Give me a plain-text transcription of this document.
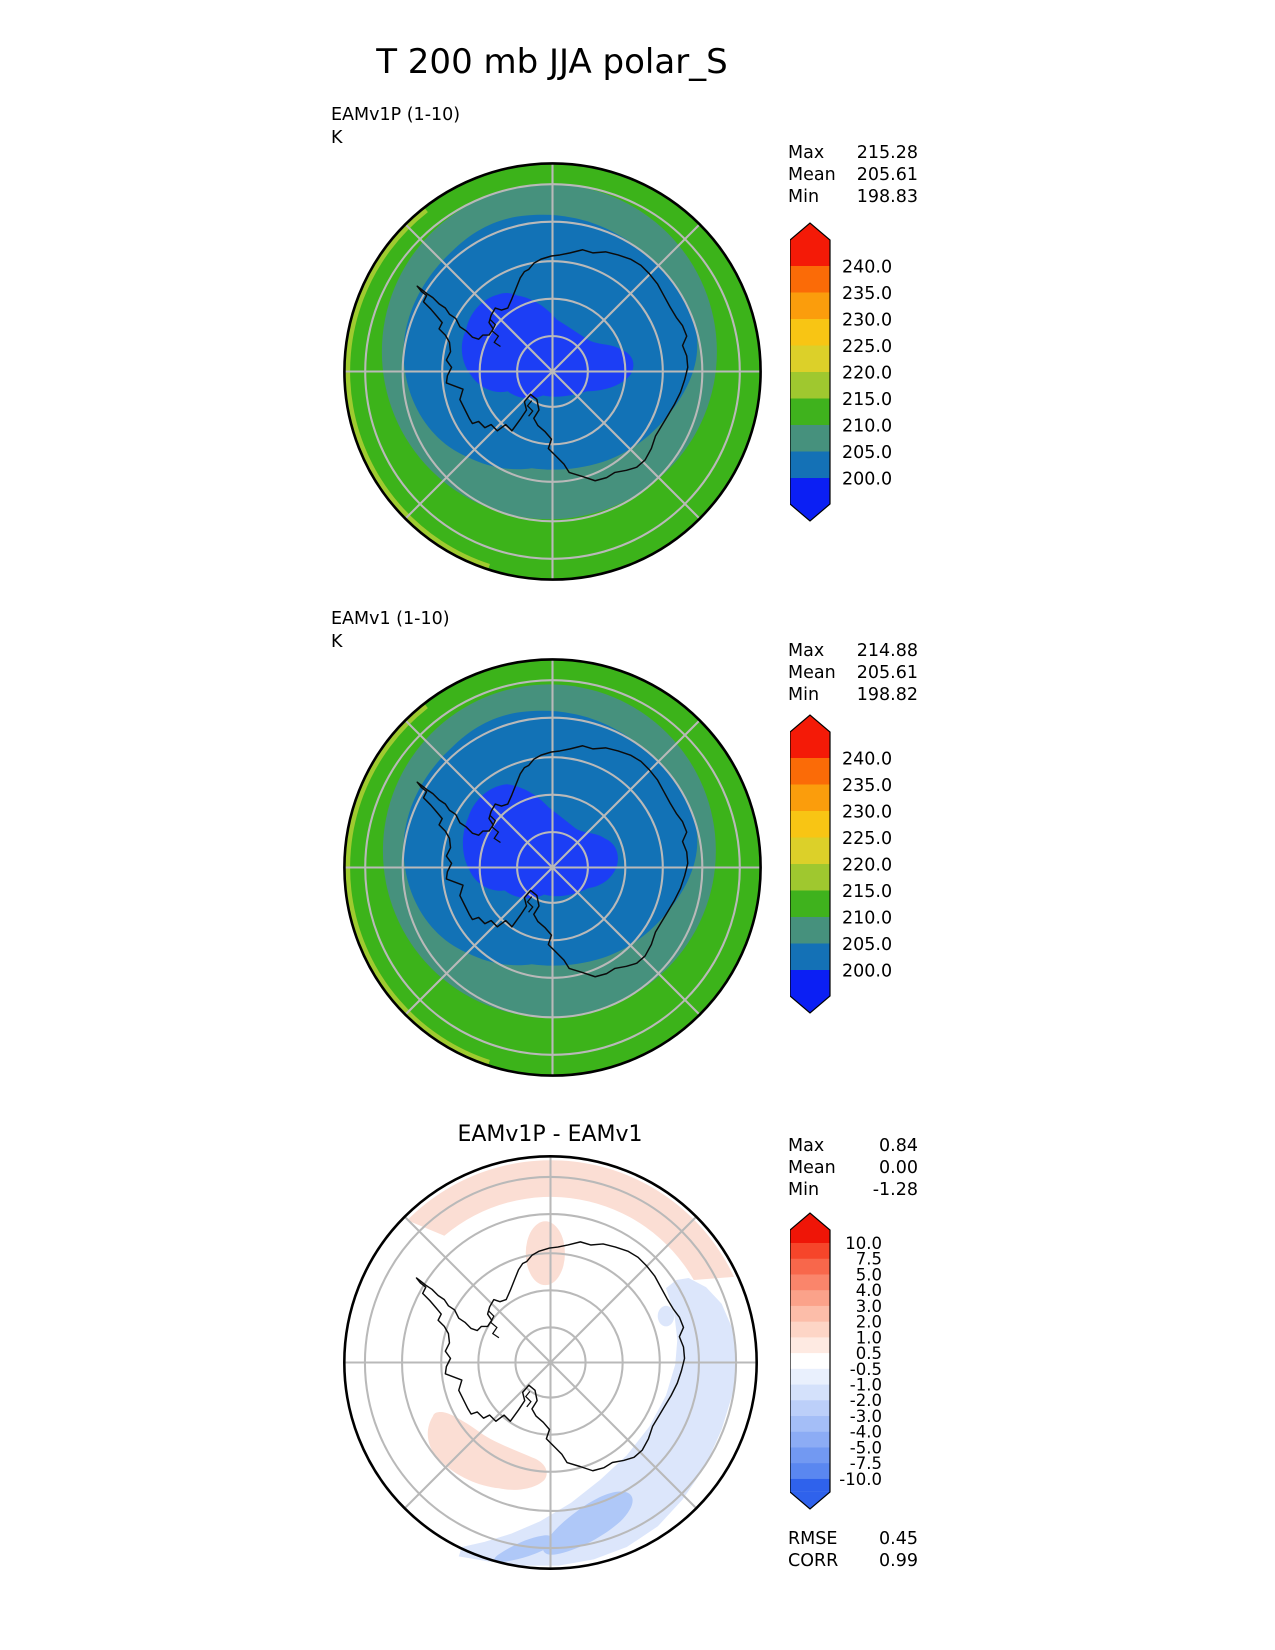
T 200 mb JJA polar_S
EAMv1P (1-10)
K
Max 215.28
Mean 205.61
Min 198.83
240.0
235.0
230.0
225.0
220.0
215.0
210.0
205.0
200.0
EAMv1 (1-10)
K	Max 214.88
Mean 205.61
Min 198.82
240.0
235.0
230.0
225.0
220.0
215.0
210.0
205.0
200.0
EAMv1P - EAMv1	Max	0.84
Mean 0.00
Min	-1.28
10.0
7.5
5.0
4.0
3.0
2.0
1.0
0.5
-0.5
-1.0
-2.0
-3.0
-4.0
-5.0
-7.5
-10.0
RMSE 0.45
CORR 0.99
